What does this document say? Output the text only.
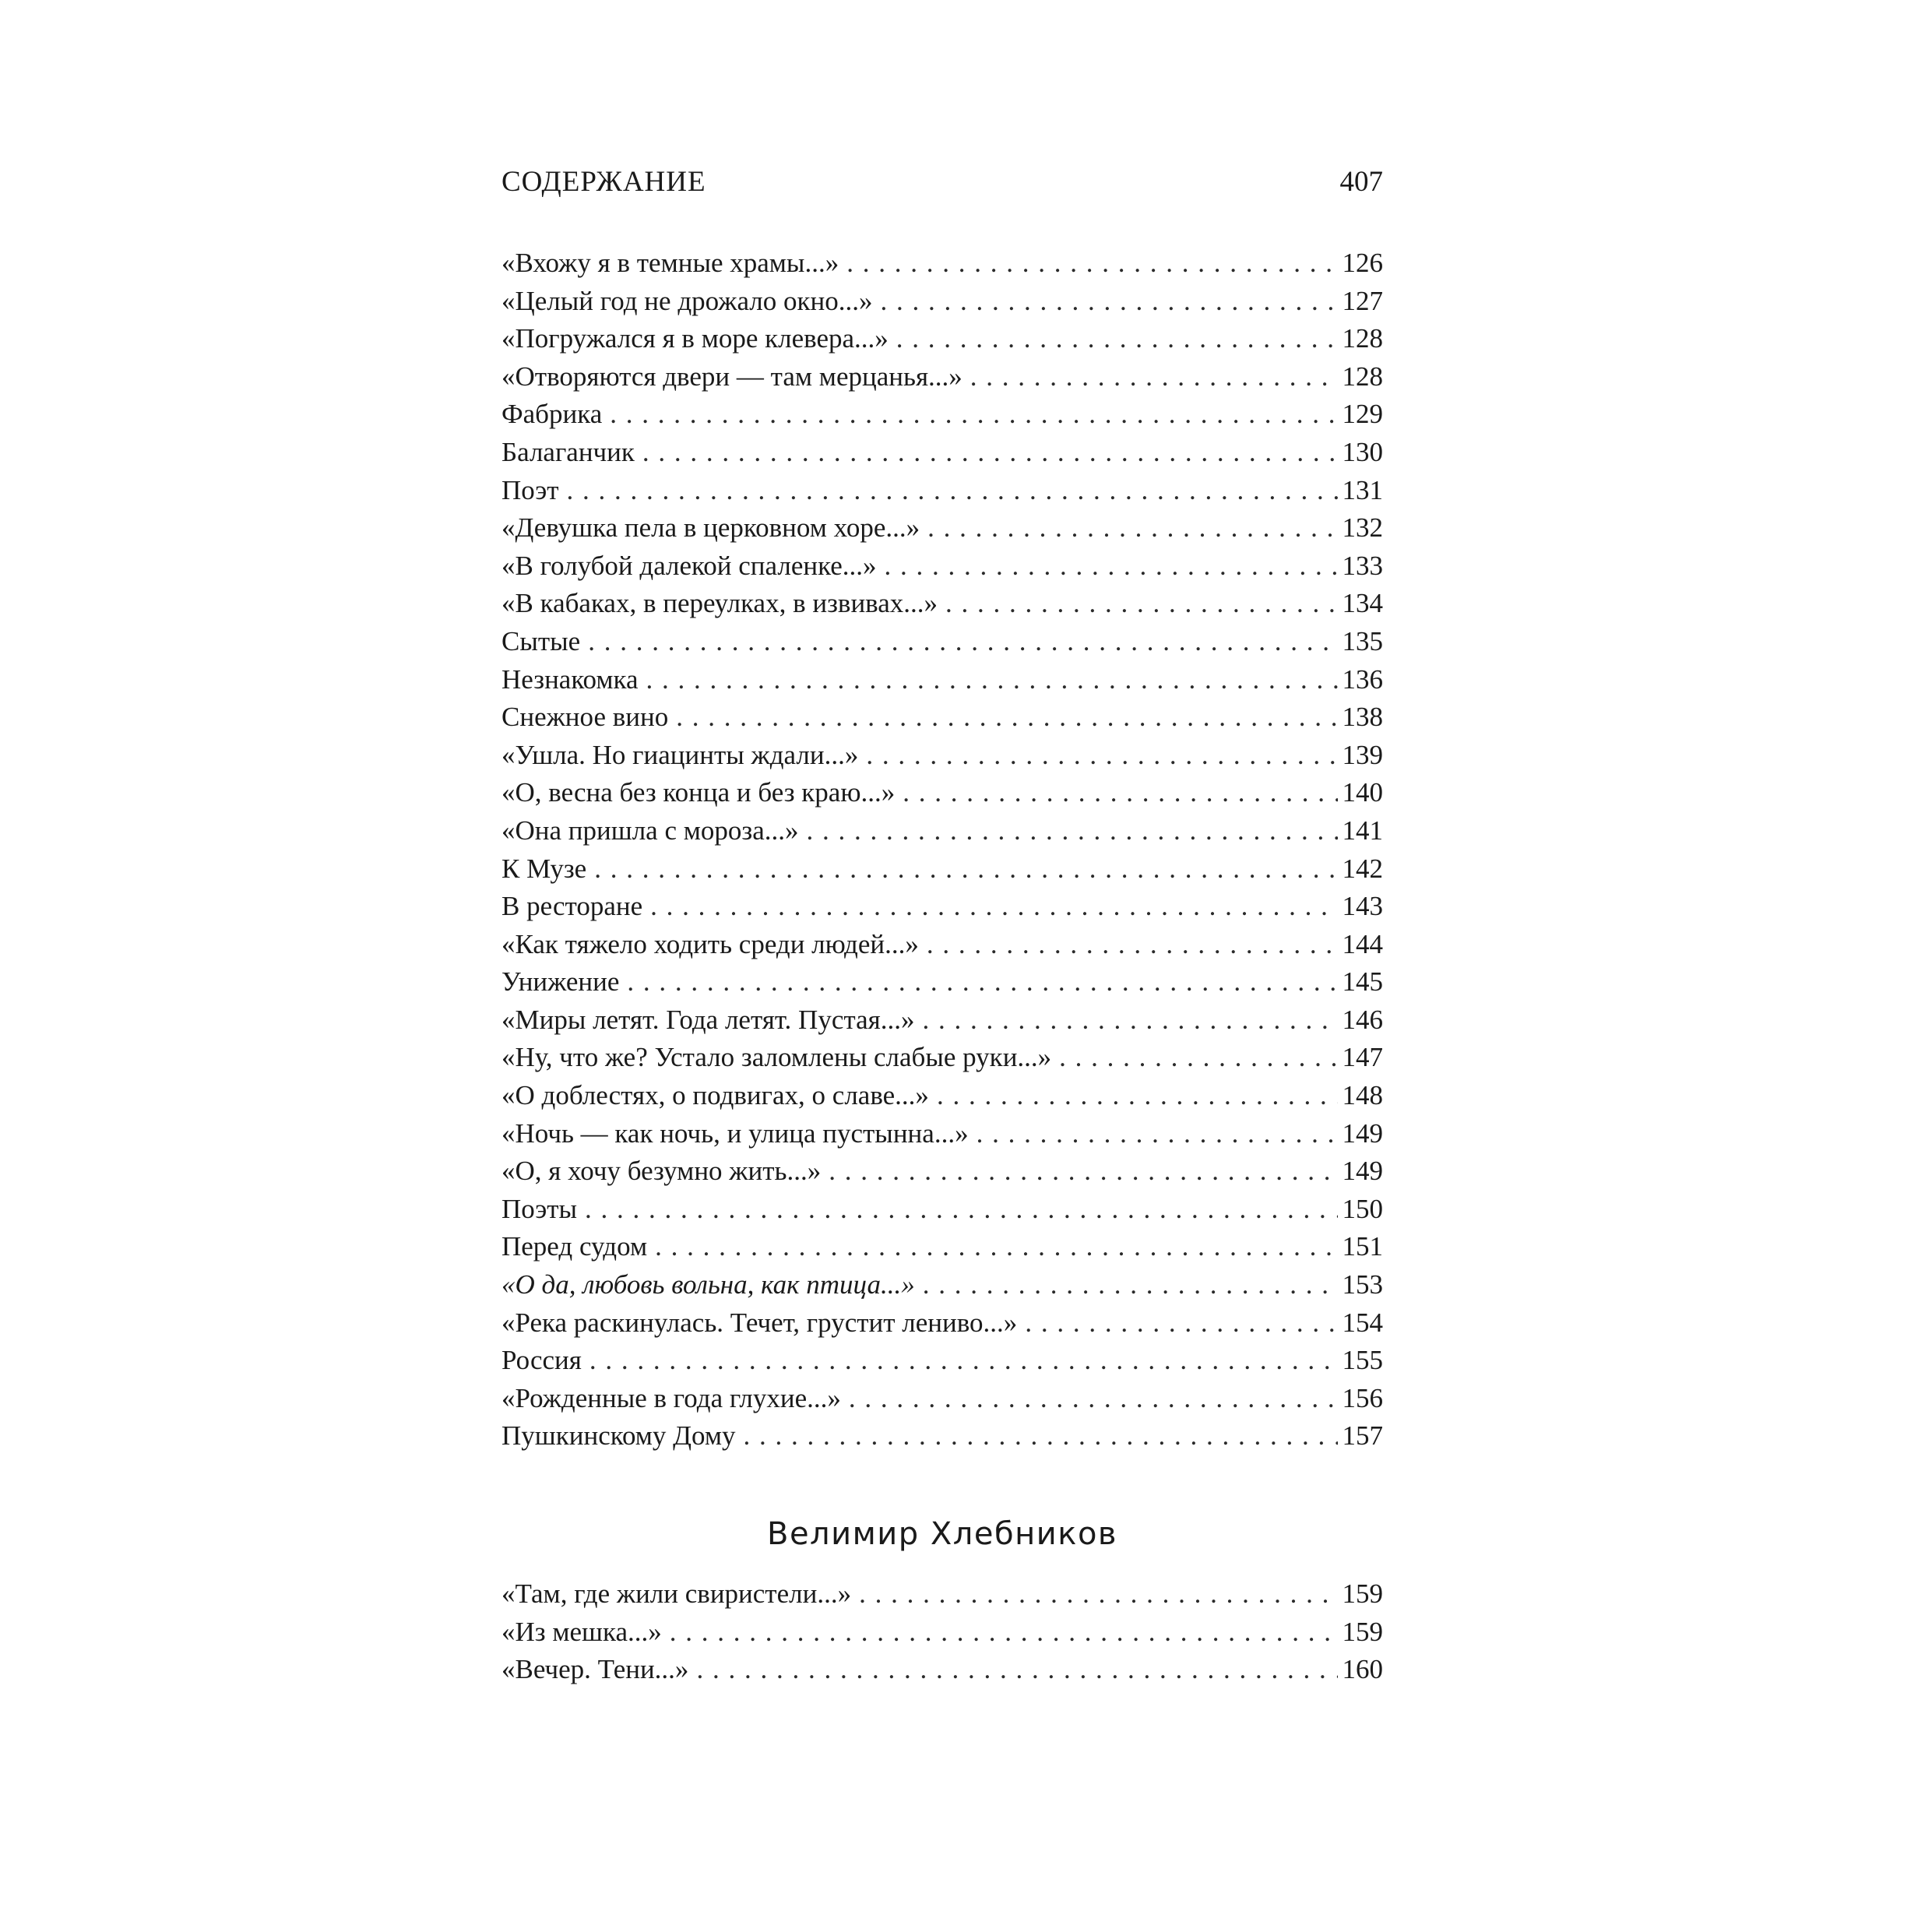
СОДЕРЖАНИЕ	407
«Вхожу я в темные храмы...» . . .	126
«Целый год не дрожало окно...» . . .	127
«Погружался я в море клевера...» . . .	128
«Отворяются двери — там мерцанья...» . . .	128
Фабрика . . .	129
Балаганчик . . .	130
Поэт . . .	131
«Девушка пела в церковном хоре...» . . .	132
«В голубой далекой спаленке...» . . .	133
«В кабаках, в переулках, в извивах...» . . .	134
Сытые . . .	135
Незнакомка . . .	136
Снежное вино . . .	138
«Ушла. Но гиацинты ждали...» . . .	139
«О, весна без конца и без краю...» . . .	140
«Она пришла с мороза...» . . .	141
К Музе . . .	142
В ресторане . . .	143
«Как тяжело ходить среди людей...» . . .	144
Унижение . . .	145
«Миры летят. Года летят. Пустая...» . . .	146
«Ну, что же? Устало заломлены слабые руки...» . . .	147
«О доблестях, о подвигах, о славе...» . . .	148
«Ночь — как ночь, и улица пустынна...» . . .	149
«О, я хочу безумно жить...» . . .	149
Поэты . . .	150
Перед судом . . .	151
«О да, любовь вольна, как птица...» . . .	153
«Река раскинулась. Течет, грустит лениво...» . . .	154
Россия . . .	155
«Рожденные в года глухие...» . . .	156
Пушкинскому Дому . . .	157
Велимир Хлебников
«Там, где жили свиристели...» . . .	159
«Из мешка...» . . .	159
«Вечер. Тени...» . . .	160
